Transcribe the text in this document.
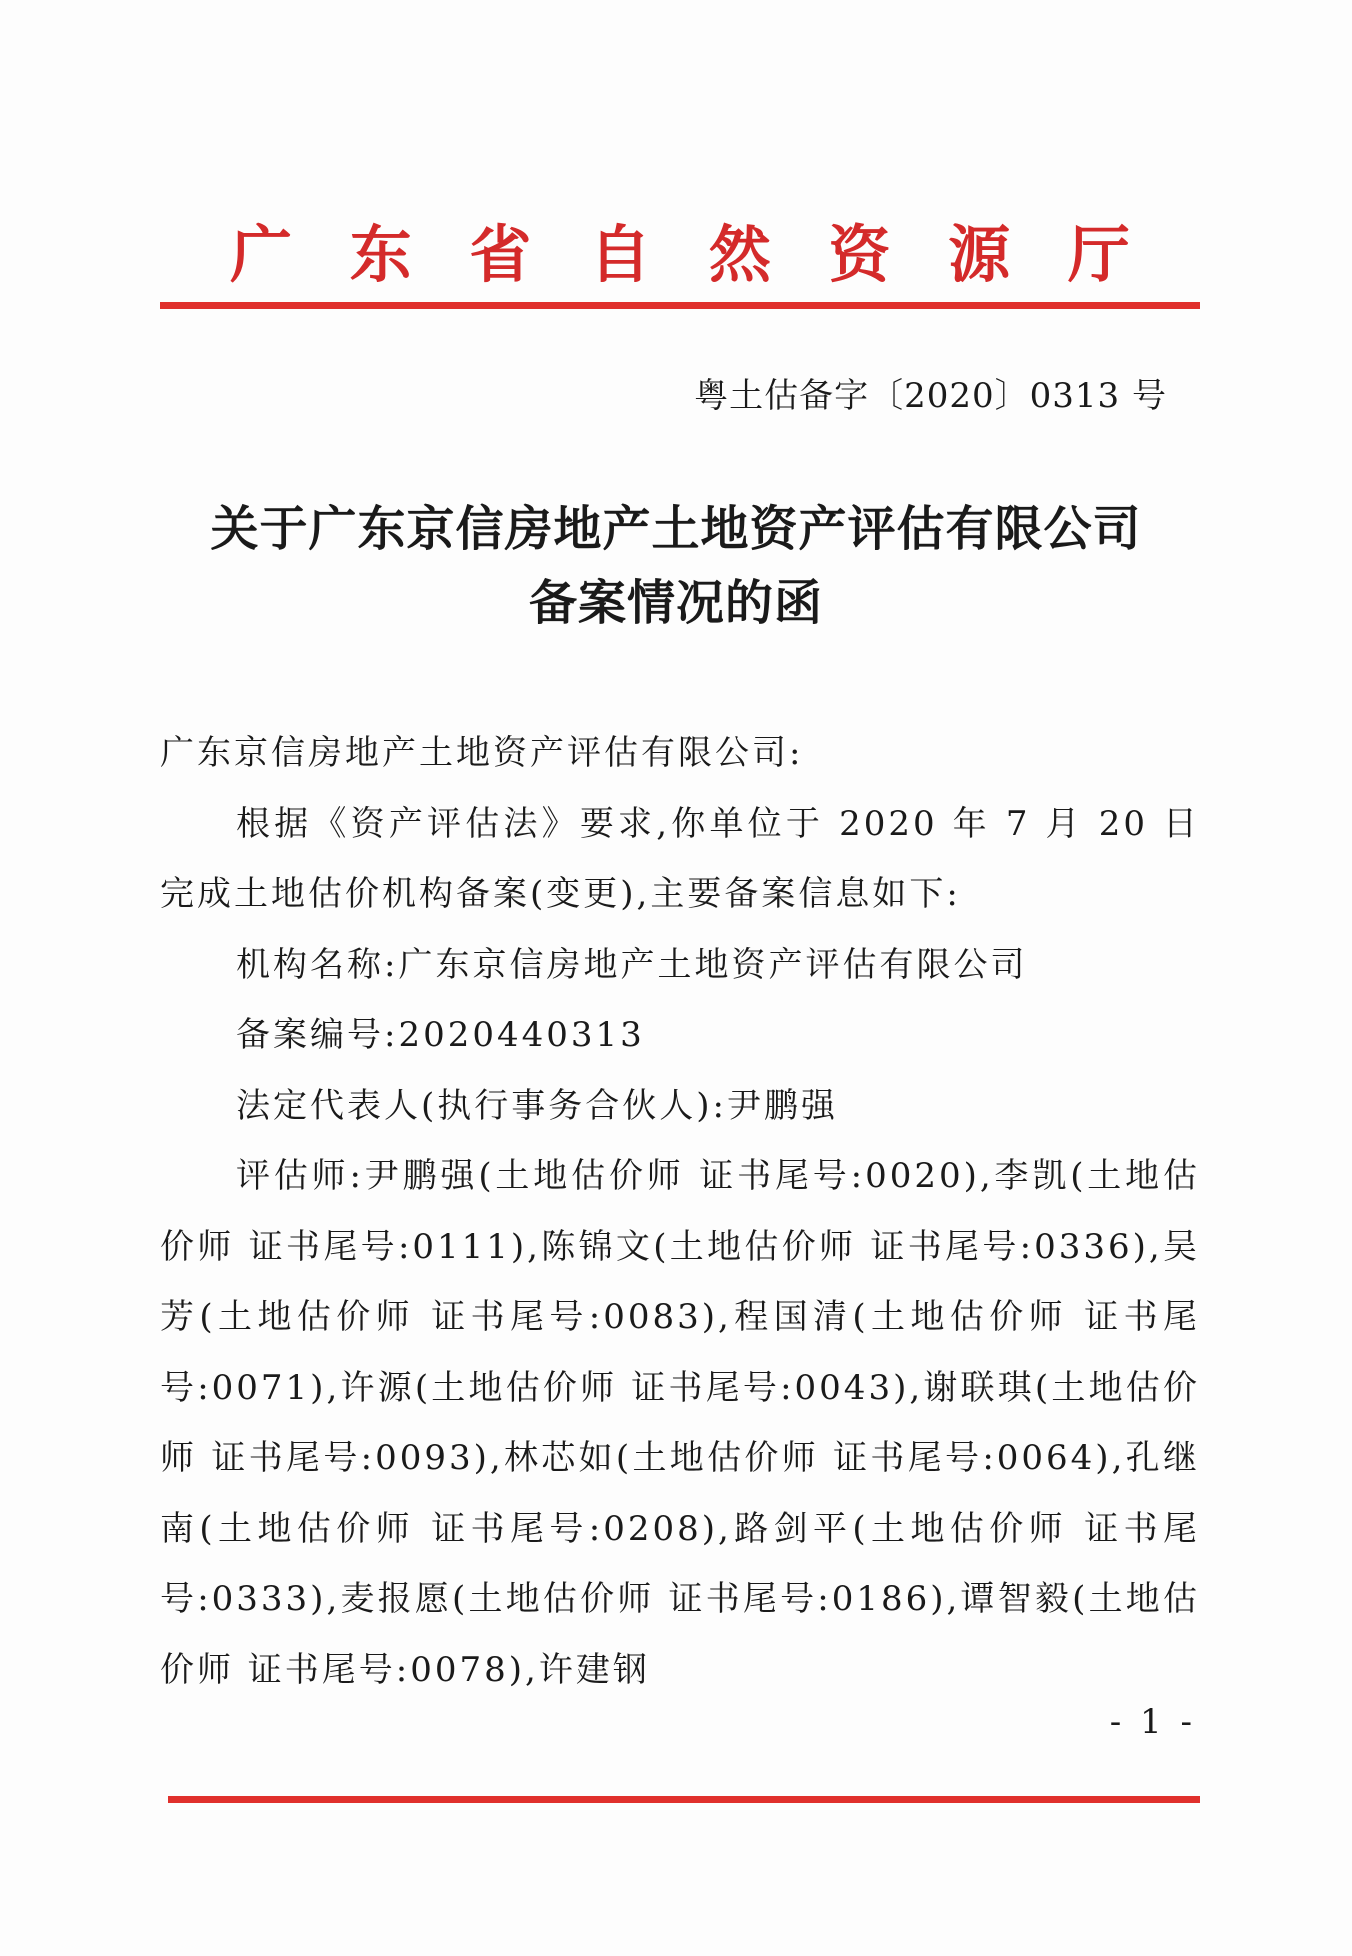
广 东 省 自 然 资 源 厅
粤土估备字〔2020〕0313 号
关于广东京信房地产土地资产评估有限公司
备案情况的函

广东京信房地产土地资产评估有限公司:

根据《资产评估法》要求,你单位于 2020 年 7 月 20 日完成土地估价机构备案(变更),主要备案信息如下:

机构名称:广东京信房地产土地资产评估有限公司

备案编号:2020440313

法定代表人(执行事务合伙人):尹鹏强

评估师:尹鹏强(土地估价师 证书尾号:0020),李凯(土地估价师 证书尾号:0111),陈锦文(土地估价师 证书尾号:0336),吴芳(土地估价师 证书尾号:0083),程国清(土地估价师 证书尾号:0071),许源(土地估价师 证书尾号:0043),谢联琪(土地估价师 证书尾号:0093),林芯如(土地估价师 证书尾号:0064),孔继南(土地估价师 证书尾号:0208),路剑平(土地估价师 证书尾号:0333),麦报愿(土地估价师 证书尾号:0186),谭智毅(土地估价师 证书尾号:0078),许建钢

- 1 -
